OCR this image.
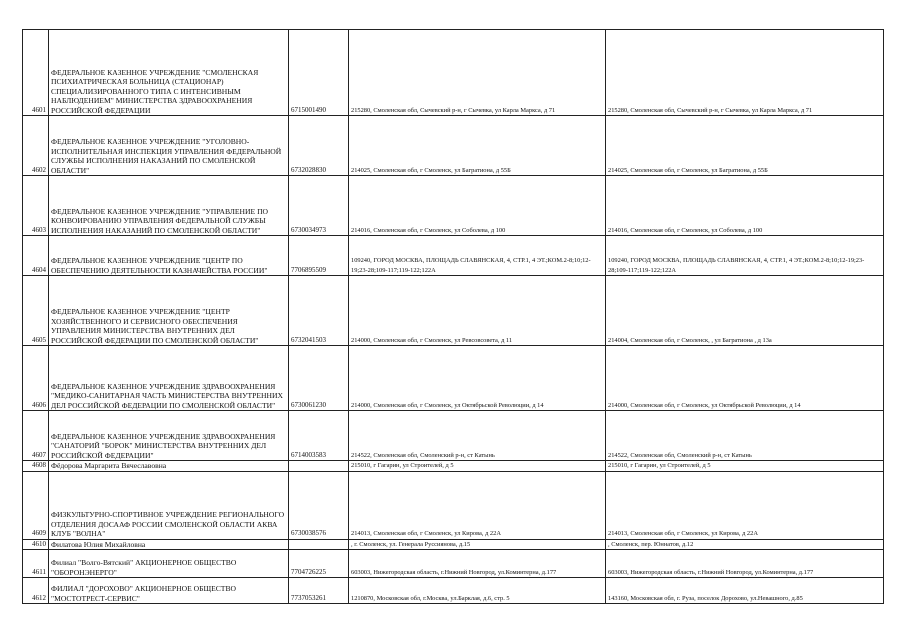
4601	ФЕДЕРАЛЬНОЕ КАЗЕННОЕ УЧРЕЖДЕНИЕ "СМОЛЕНСКАЯ ПСИХИАТРИЧЕСКАЯ БОЛЬНИЦА (СТАЦИОНАР) СПЕЦИАЛИЗИРОВАННОГО ТИПА С ИНТЕНСИВНЫМ НАБЛЮДЕНИЕМ" МИНИСТЕРСТВА ЗДРАВООХРАНЕНИЯ РОССИЙСКОЙ ФЕДЕРАЦИИ	6715001490	215280, Смоленская обл, Сычевский р-н, г Сычевка, ул Карла Маркса, д 71	215280, Смоленская обл, Сычевский р-н, г Сычевка, ул Карла Маркса, д 71
4602	ФЕДЕРАЛЬНОЕ КАЗЕННОЕ УЧРЕЖДЕНИЕ "УГОЛОВНО-ИСПОЛНИТЕЛЬНАЯ ИНСПЕКЦИЯ УПРАВЛЕНИЯ ФЕДЕРАЛЬНОЙ СЛУЖБЫ ИСПОЛНЕНИЯ НАКАЗАНИЙ ПО СМОЛЕНСКОЙ ОБЛАСТИ"	6732028830	214025, Смоленская обл, г Смоленск, ул Багратиона, д 55Б	214025, Смоленская обл, г Смоленск, ул Багратиона, д 55Б
4603	ФЕДЕРАЛЬНОЕ КАЗЕННОЕ УЧРЕЖДЕНИЕ "УПРАВЛЕНИЕ ПО КОНВОИРОВАНИЮ УПРАВЛЕНИЯ ФЕДЕРАЛЬНОЙ СЛУЖБЫ ИСПОЛНЕНИЯ НАКАЗАНИЙ ПО СМОЛЕНСКОЙ ОБЛАСТИ"	6730034973	214016, Смоленская обл, г Смоленск, ул Соболева, д 100	214016, Смоленская обл, г Смоленск, ул Соболева, д 100
4604	ФЕДЕРАЛЬНОЕ КАЗЕННОЕ УЧРЕЖДЕНИЕ "ЦЕНТР ПО ОБЕСПЕЧЕНИЮ ДЕЯТЕЛЬНОСТИ КАЗНАЧЕЙСТВА РОССИИ"	7706895509	109240, ГОРОД МОСКВА, ПЛОЩАДЬ СЛАВЯНСКАЯ, 4, СТР.1, 4 ЭТ.;КОМ.2-8;10;12-19;23-28;109-117;119-122;122А	109240, ГОРОД МОСКВА, ПЛОЩАДЬ СЛАВЯНСКАЯ, 4, СТР.1, 4 ЭТ.;КОМ.2-8;10;12-19;23-28;109-117;119-122;122А
4605	ФЕДЕРАЛЬНОЕ КАЗЕННОЕ УЧРЕЖДЕНИЕ "ЦЕНТР ХОЗЯЙСТВЕННОГО И СЕРВИСНОГО ОБЕСПЕЧЕНИЯ УПРАВЛЕНИЯ МИНИСТЕРСТВА ВНУТРЕННИХ ДЕЛ РОССИЙСКОЙ ФЕДЕРАЦИИ ПО СМОЛЕНСКОЙ ОБЛАСТИ"	6732041503	214000, Смоленская обл, г Смоленск, ул Ревсовсовета, д 11	214004, Смоленская обл, г Смоленск, , ул Багратиона , д 13а
4606	ФЕДЕРАЛЬНОЕ КАЗЕННОЕ УЧРЕЖДЕНИЕ ЗДРАВООХРАНЕНИЯ "МЕДИКО-САНИТАРНАЯ ЧАСТЬ МИНИСТЕРСТВА ВНУТРЕННИХ ДЕЛ РОССИЙСКОЙ ФЕДЕРАЦИИ ПО СМОЛЕНСКОЙ ОБЛАСТИ"	6730061230	214000, Смоленская обл, г Смоленск, ул Октябрьской Революции, д 14	214000, Смоленская обл, г Смоленск, ул Октябрьской Революции, д 14
4607	ФЕДЕРАЛЬНОЕ КАЗЕННОЕ УЧРЕЖДЕНИЕ ЗДРАВООХРАНЕНИЯ "САНАТОРИЙ "БОРОК" МИНИСТЕРСТВА ВНУТРЕННИХ ДЕЛ РОССИЙСКОЙ ФЕДЕРАЦИИ"	6714003583	214522, Смоленская обл, Смоленский р-н, ст Катынь	214522, Смоленская обл, Смоленский р-н, ст Катынь
4608	Фёдорова Маргарита Вячеславовна		215010, г Гагарин, ул Строителей, д 5	215010, г Гагарин, ул Строителей, д 5
4609	ФИЗКУЛЬТУРНО-СПОРТИВНОЕ УЧРЕЖДЕНИЕ РЕГИОНАЛЬНОГО ОТДЕЛЕНИЯ ДОСААФ РОССИИ СМОЛЕНСКОЙ ОБЛАСТИ АКВА КЛУБ "ВОЛНА"	6730038576	214013, Смоленская обл, г Смоленск, ул Кирова, д 22А	214013, Смоленская обл, г Смоленск, ул Кирова, д 22А
4610	Филатова Юлия Михайловна		, г. Смоленск, ул. Генерала Руссиянова, д.15	, Смоленск, пер. Юннатов, д.12
4611	Филиал "Волго-Вятский" АКЦИОНЕРНОЕ ОБЩЕСТВО "ОБОРОНЭНЕРГО"	7704726225	603003, Нижегородская область, г.Нижний Новгород, ул.Коминтерна, д.177	603003, Нижегородская область, г.Нижний Новгород, ул.Коминтерна, д.177
4612	ФИЛИАЛ "ДОРОХОВО" АКЦИОНЕРНОЕ ОБЩЕСТВО "МОСТОТРЕСТ-СЕРВИС"	7737053261	1210870, Московская обл, г.Москва, ул.Барклая, д.6, стр. 5	143160, Московская обл, г. Руза, поселок Дорохово, ул.Невашного, д.85
